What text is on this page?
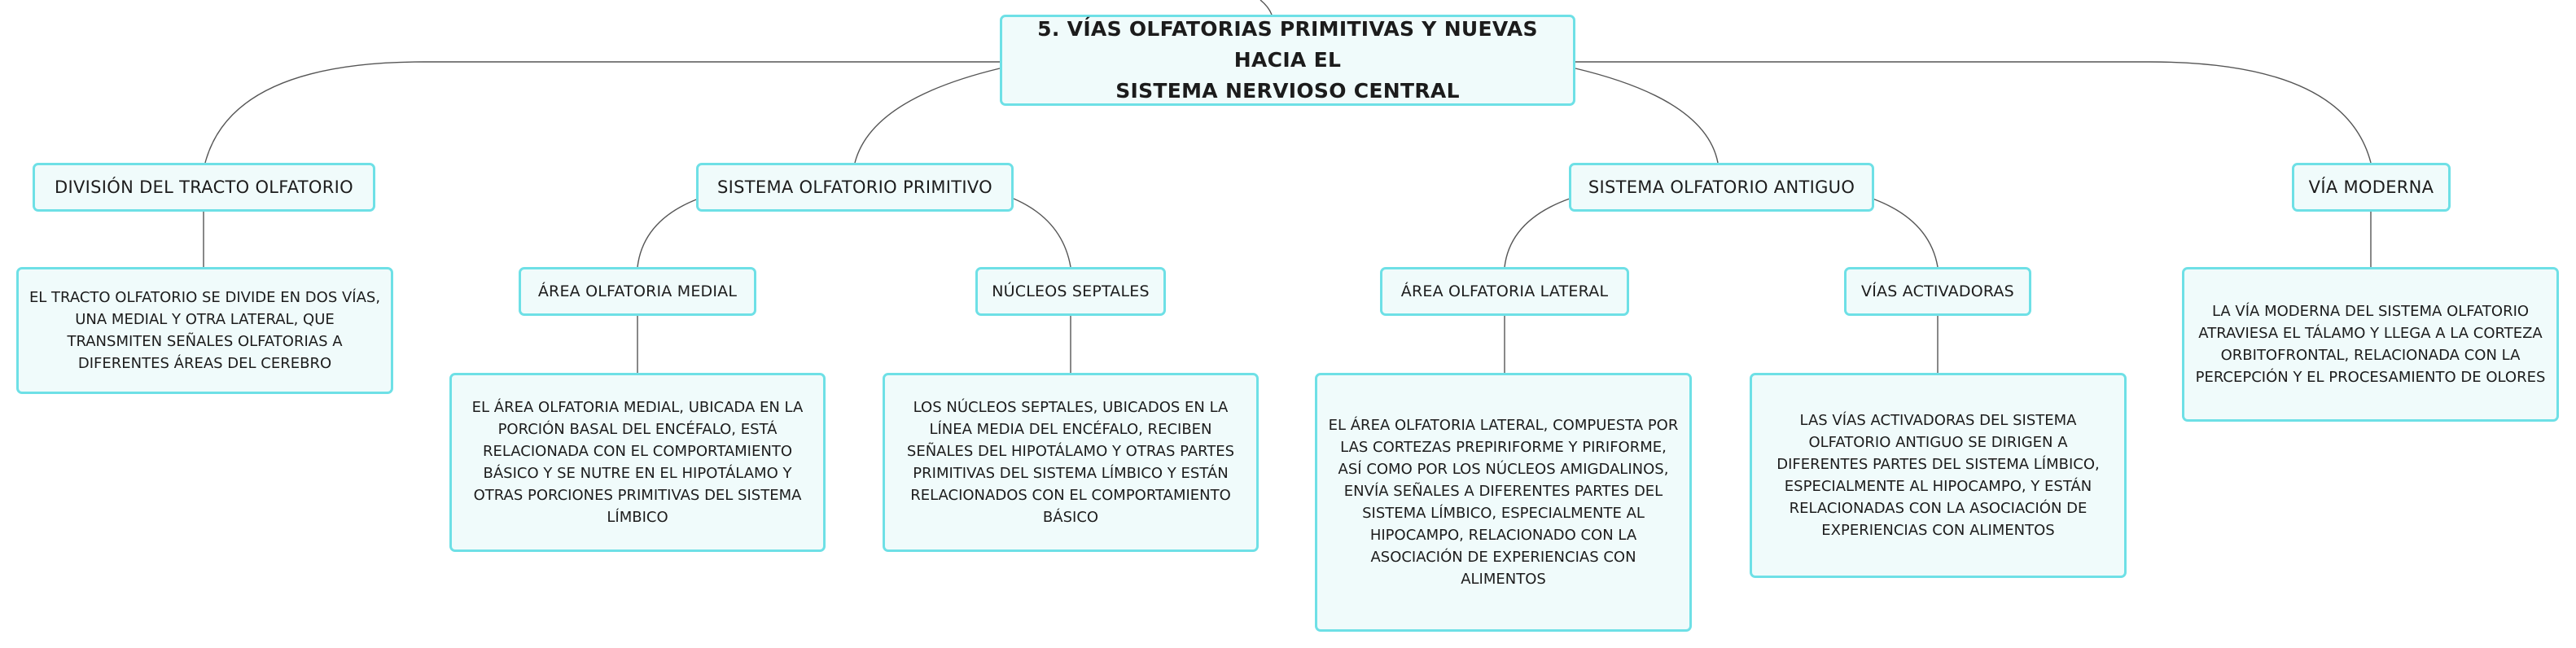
5. VÍAS OLFATORIAS PRIMITIVAS Y NUEVAS HACIA EL
SISTEMA NERVIOSO CENTRAL
DIVISIÓN DEL TRACTO OLFATORIO	SISTEMA OLFATORIO PRIMITIVO	SISTEMA OLFATORIO ANTIGUO	VÍA MODERNA
ÁREA OLFATORIA MEDIAL	NÚCLEOS SEPTALES	ÁREA OLFATORIA LATERAL	VÍAS ACTIVADORAS
EL TRACTO OLFATORIO SE DIVIDE EN DOS VÍAS, UNA MEDIAL Y OTRA LATERAL, QUE TRANSMITEN SEÑALES OLFATORIAS A DIFERENTES ÁREAS DEL CEREBRO
EL ÁREA OLFATORIA MEDIAL, UBICADA EN LA PORCIÓN BASAL DEL ENCÉFALO, ESTÁ RELACIONADA CON EL COMPORTAMIENTO BÁSICO Y SE NUTRE EN EL HIPOTÁLAMO Y OTRAS PORCIONES PRIMITIVAS DEL SISTEMA LÍMBICO
LOS NÚCLEOS SEPTALES, UBICADOS EN LA LÍNEA MEDIA DEL ENCÉFALO, RECIBEN SEÑALES DEL HIPOTÁLAMO Y OTRAS PARTES PRIMITIVAS DEL SISTEMA LÍMBICO Y ESTÁN RELACIONADOS CON EL COMPORTAMIENTO BÁSICO
EL ÁREA OLFATORIA LATERAL, COMPUESTA POR LAS CORTEZAS PREPIRIFORME Y PIRIFORME, ASÍ COMO POR LOS NÚCLEOS AMIGDALINOS, ENVÍA SEÑALES A DIFERENTES PARTES DEL SISTEMA LÍMBICO, ESPECIALMENTE AL HIPOCAMPO, RELACIONADO CON LA ASOCIACIÓN DE EXPERIENCIAS CON ALIMENTOS
LAS VÍAS ACTIVADORAS DEL SISTEMA OLFATORIO ANTIGUO SE DIRIGEN A DIFERENTES PARTES DEL SISTEMA LÍMBICO, ESPECIALMENTE AL HIPOCAMPO, Y ESTÁN RELACIONADAS CON LA ASOCIACIÓN DE EXPERIENCIAS CON ALIMENTOS
LA VÍA MODERNA DEL SISTEMA OLFATORIO ATRAVIESA EL TÁLAMO Y LLEGA A LA CORTEZA ORBITOFRONTAL, RELACIONADA CON LA PERCEPCIÓN Y EL PROCESAMIENTO DE OLORES
